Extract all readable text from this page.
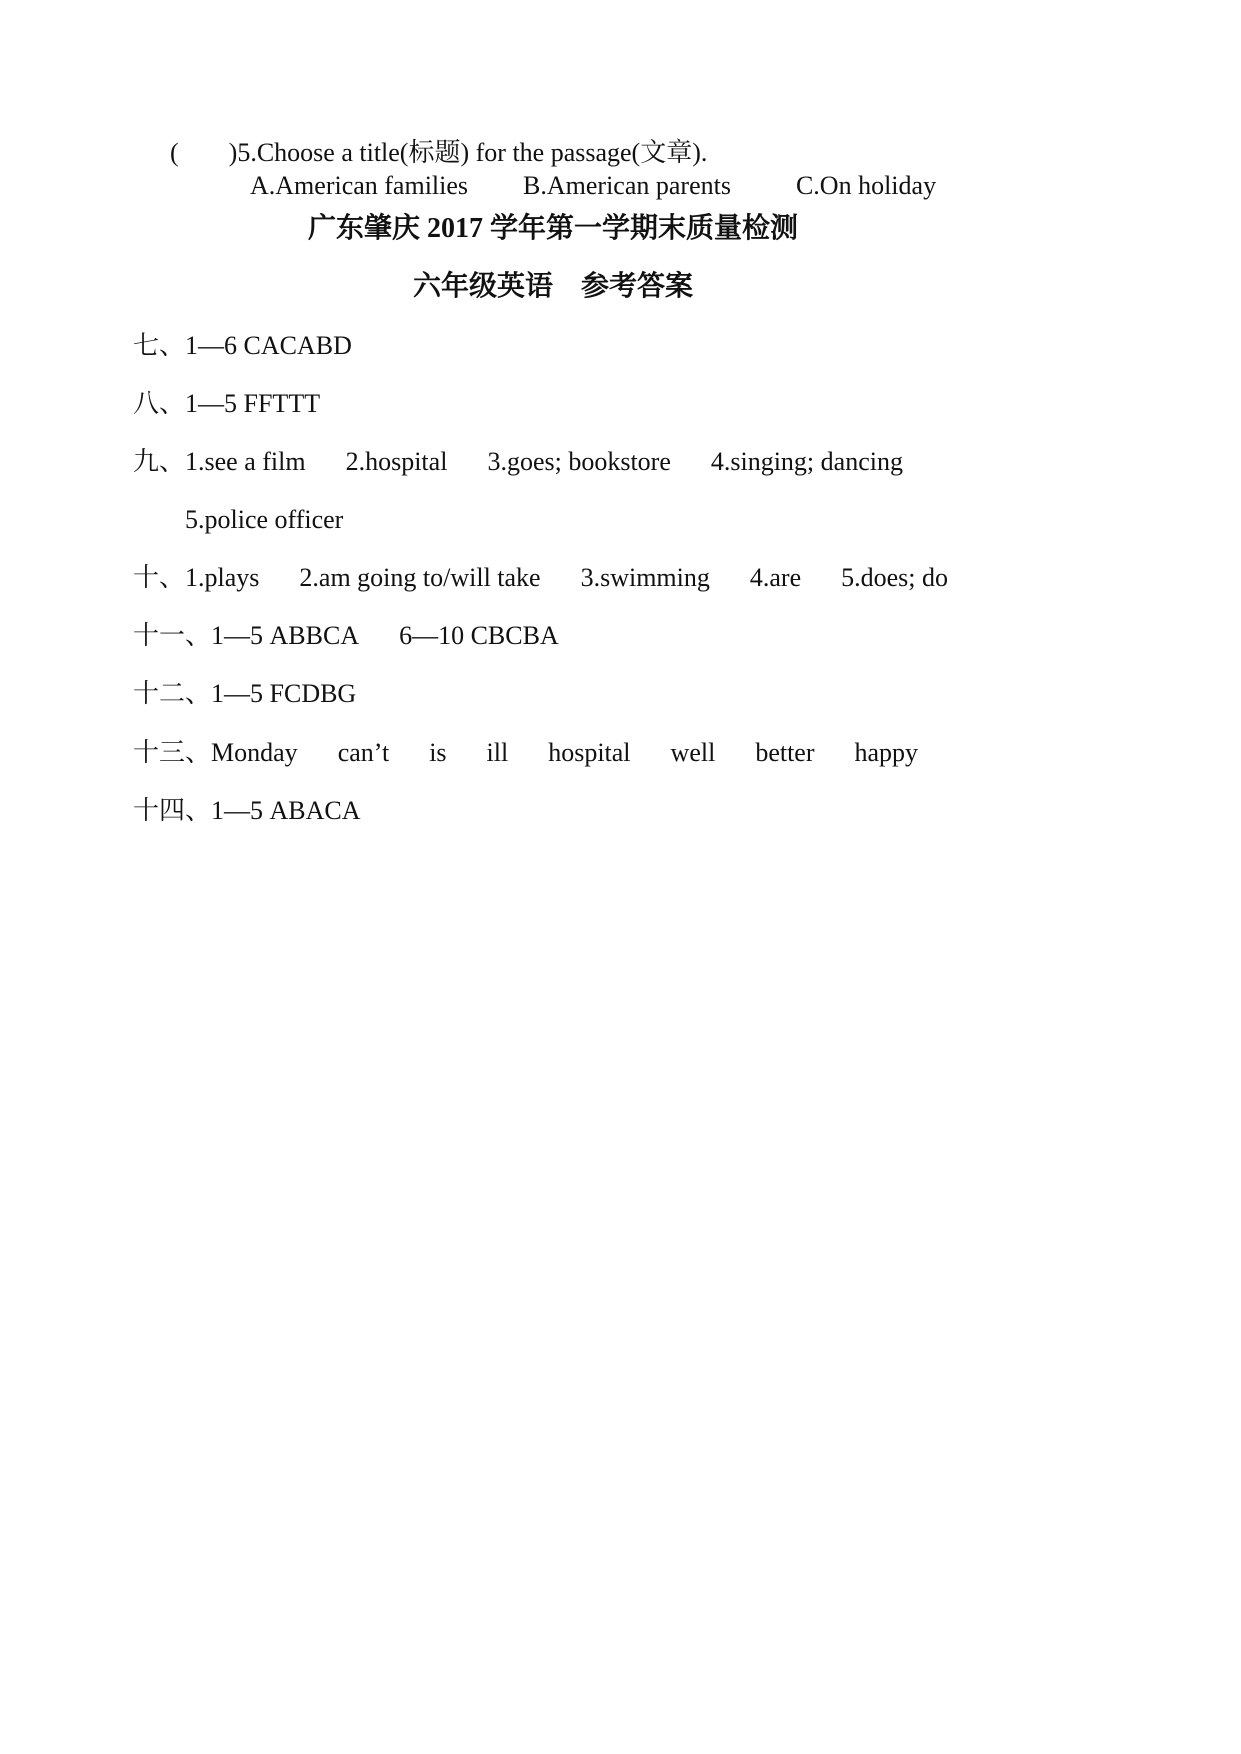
( )5.Choose a title(标题) for the passage(文章).
A.American families B.American parents	C.On holiday
广东肇庆 2017 学年第一学期末质量检测
六年级英语 参考答案
七、1—6 CACABD
八、1—5 FFTTT
九、1.see a film 2.hospital 3.goes; bookstore 4.singing; dancing
5.police officer
十、1.plays 2.am going to/will take 3.swimming 4.are 5.does; do
十一、1—5 ABBCA 6—10 CBCBA
十二、1—5 FCDBG
十三、Monday can’t is ill hospital well better happy
十四、1—5 ABACA
